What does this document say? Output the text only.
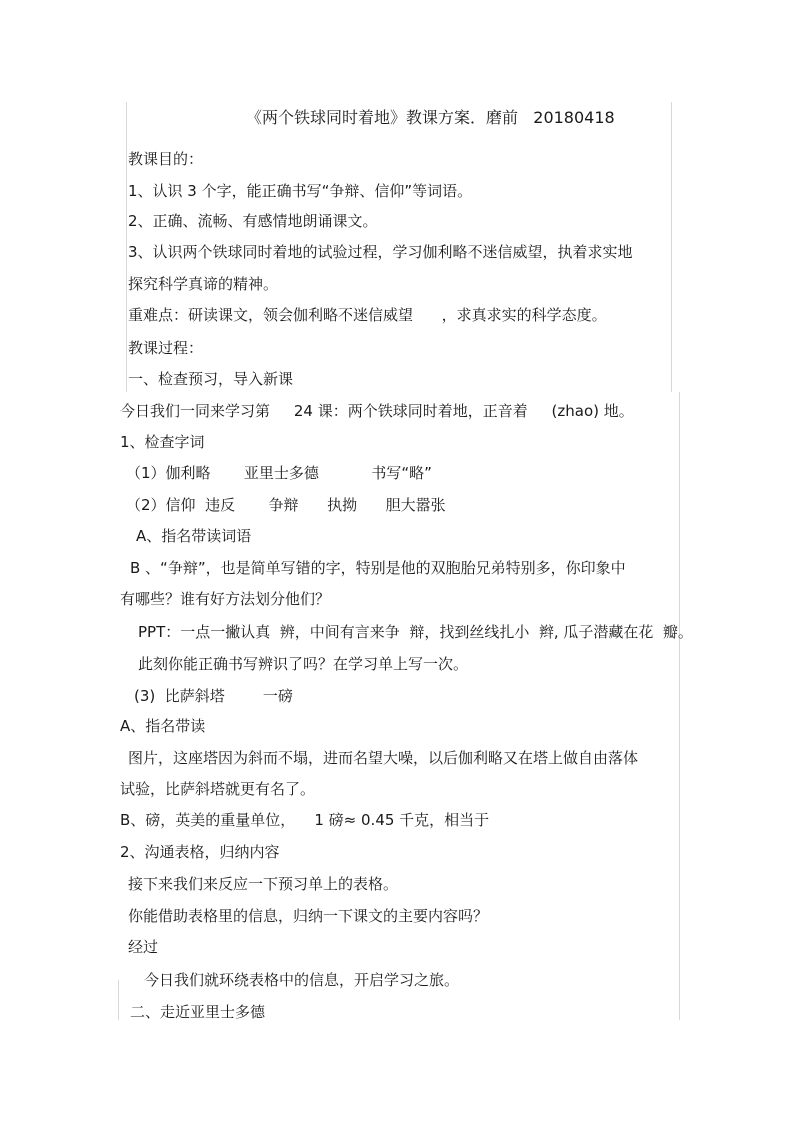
《两个铁球同时着地》教课方案．磨前   20180418
教课目的：
1、认识 3 个字，能正确书写“争辩、信仰”等词语。
2、正确、流畅、有感情地朗诵课文。
3、认识两个铁球同时着地的试验过程，学习伽利略不迷信威望，执着求实地
探究科学真谛的精神。
重难点：研读课文，领会伽利略不迷信威望      ，求真求实的科学态度。
教课过程：
一、检查预习，导入新课
今日我们一同来学习第     24 课：两个铁球同时着地，正音着     (zhao) 地。
1、检查字词
（1）伽利略       亚里士多德           书写“略”
（2）信仰  违反       争辩      执拗      胆大嚣张
A、指名带读词语
B 、“争辩”，也是简单写错的字，特别是他的双胞胎兄弟特别多，你印象中
有哪些？谁有好方法划分他们？
PPT：一点一撇认真  辨，中间有言来争  辩，找到丝线扎小  辫, 瓜子潜藏在花  瓣。
此刻你能正确书写辨识了吗？在学习单上写一次。
(3)  比萨斜塔        一磅
A、指名带读
图片，这座塔因为斜而不塌，进而名望大噪，以后伽利略又在塔上做自由落体
试验，比萨斜塔就更有名了。
B、磅，英美的重量单位，    1 磅≈ 0.45 千克，相当于
2、沟通表格，归纳内容
接下来我们来反应一下预习单上的表格。
你能借助表格里的信息，归纳一下课文的主要内容吗？
经过
今日我们就环绕表格中的信息，开启学习之旅。
二、走近亚里士多德
